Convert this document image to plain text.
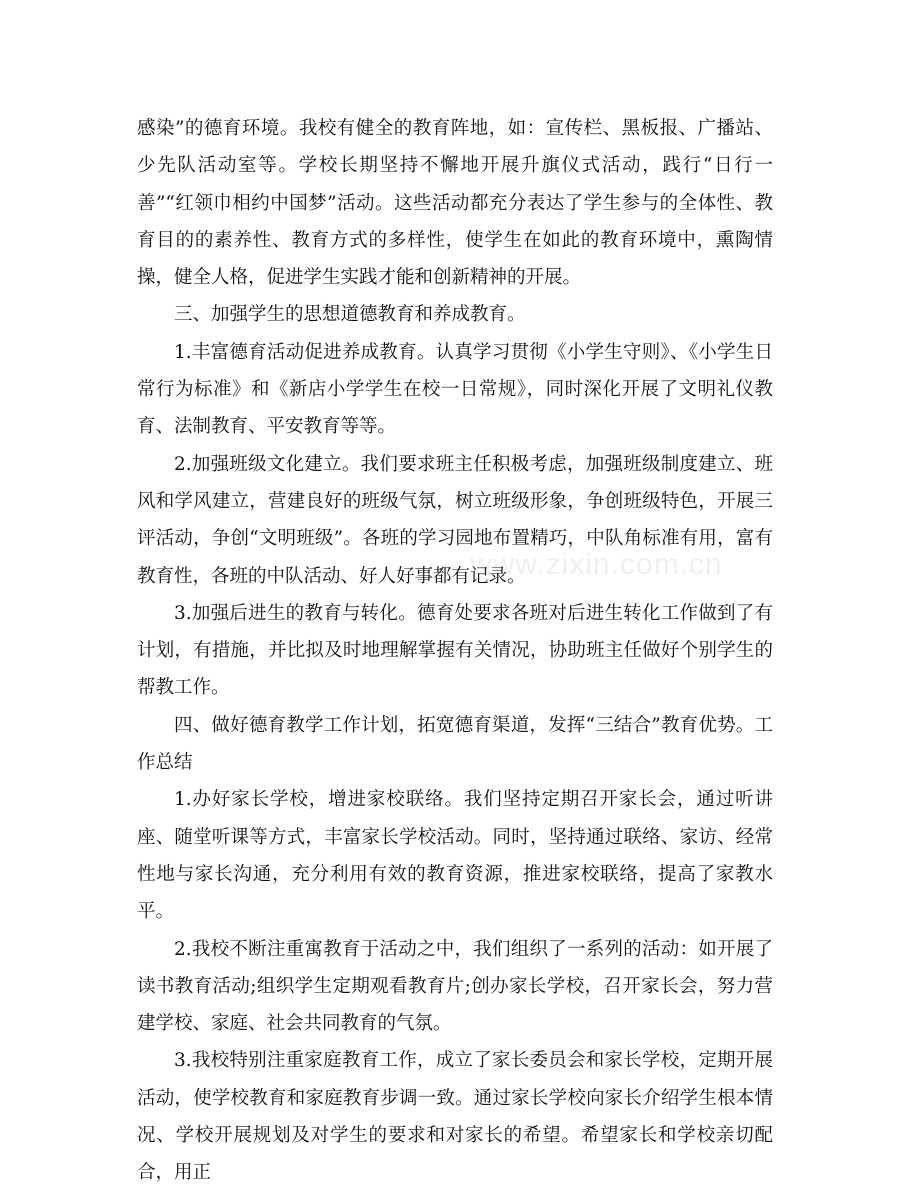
感染”的德育环境。我校有健全的教育阵地，如：宣传栏、黑板报、广播站、少先队活动室等。学校长期坚持不懈地开展升旗仪式活动，践行“日行一善”“红领巾相约中国梦”活动。这些活动都充分表达了学生参与的全体性、教育目的的素养性、教育方式的多样性，使学生在如此的教育环境中，熏陶情操，健全人格，促进学生实践才能和创新精神的开展。

三、加强学生的思想道德教育和养成教育。

1.丰富德育活动促进养成教育。认真学习贯彻《小学生守则》、《小学生日常行为标准》和《新店小学学生在校一日常规》，同时深化开展了文明礼仪教育、法制教育、平安教育等等。

2.加强班级文化建立。我们要求班主任积极考虑，加强班级制度建立、班风和学风建立，营建良好的班级气氛，树立班级形象，争创班级特色，开展三评活动，争创“文明班级”。各班的学习园地布置精巧，中队角标准有用，富有教育性，各班的中队活动、好人好事都有记录。

3.加强后进生的教育与转化。德育处要求各班对后进生转化工作做到了有计划，有措施，并比拟及时地理解掌握有关情况，协助班主任做好个别学生的帮教工作。

四、做好德育教学工作计划，拓宽德育渠道，发挥“三结合”教育优势。工作总结

1.办好家长学校，增进家校联络。我们坚持定期召开家长会，通过听讲座、随堂听课等方式，丰富家长学校活动。同时，坚持通过联络、家访、经常性地与家长沟通，充分利用有效的教育资源，推进家校联络，提高了家教水平。

2.我校不断注重寓教育于活动之中，我们组织了一系列的活动：如开展了读书教育活动;组织学生定期观看教育片;创办家长学校，召开家长会，努力营建学校、家庭、社会共同教育的气氛。

3.我校特别注重家庭教育工作，成立了家长委员会和家长学校，定期开展活动，使学校教育和家庭教育步调一致。通过家长学校向家长介绍学生根本情况、学校开展规划及对学生的要求和对家长的希望。希望家长和学校亲切配合，用正

www.zixin.com.cn
